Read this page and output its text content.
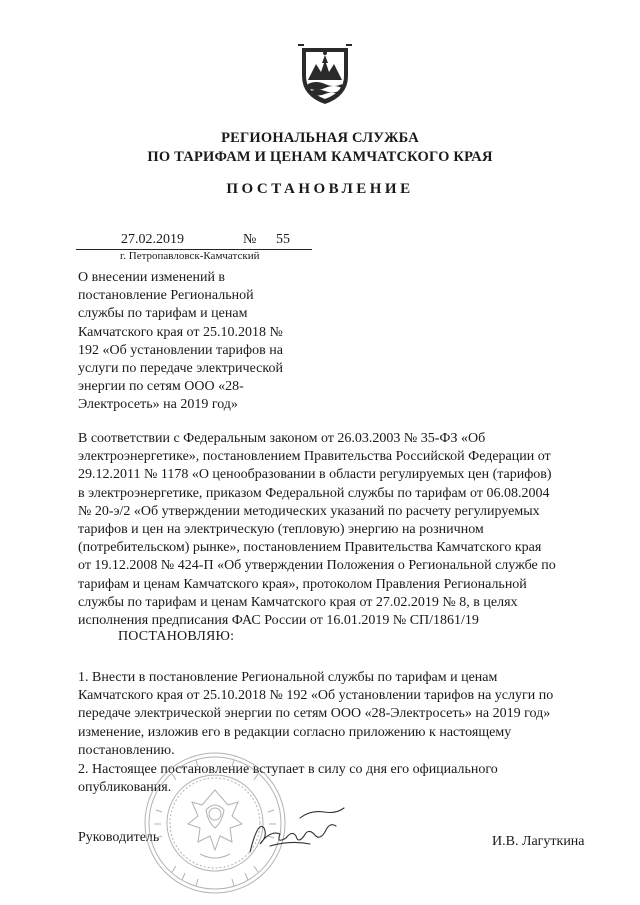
РЕГИОНАЛЬНАЯ СЛУЖБА
ПО ТАРИФАМ И ЦЕНАМ КАМЧАТСКОГО КРАЯ
ПОСТАНОВЛЕНИЕ
27.02.2019	№ 55
г. Петропавловск-Камчатский
О внесении изменений в
постановление Региональной
службы по тарифам и ценам
Камчатского края от 25.10.2018 №
192 «Об установлении тарифов на
услуги по передаче электрической
энергии по сетям ООО «28-
Электросеть» на 2019 год»
В соответствии с Федеральным законом от 26.03.2003 № 35-ФЗ «Об
электроэнергетике», постановлением Правительства Российской Федерации от
29.12.2011 № 1178 «О ценообразовании в области регулируемых цен (тарифов)
в электроэнергетике, приказом Федеральной службы по тарифам от 06.08.2004
№ 20-э/2 «Об утверждении методических указаний по расчету регулируемых
тарифов и цен на электрическую (тепловую) энергию на розничном
(потребительском) рынке», постановлением Правительства Камчатского края
от 19.12.2008 № 424-П «Об утверждении Положения о Региональной службе по
тарифам и ценам Камчатского края», протоколом Правления Региональной
службы по тарифам и ценам Камчатского края от 27.02.2019 № 8, в целях
исполнения предписания ФАС России от 16.01.2019 № СП/1861/19
ПОСТАНОВЛЯЮ:
1. Внести в постановление Региональной службы по тарифам и ценам
Камчатского края от 25.10.2018 № 192 «Об установлении тарифов на услуги по
передаче электрической энергии по сетям ООО «28-Электросеть» на 2019 год»
изменение, изложив его в редакции согласно приложению к настоящему
постановлению.
2. Настоящее постановление вступает в силу со дня его официального
опубликования.
Руководитель	И.В. Лагуткина
